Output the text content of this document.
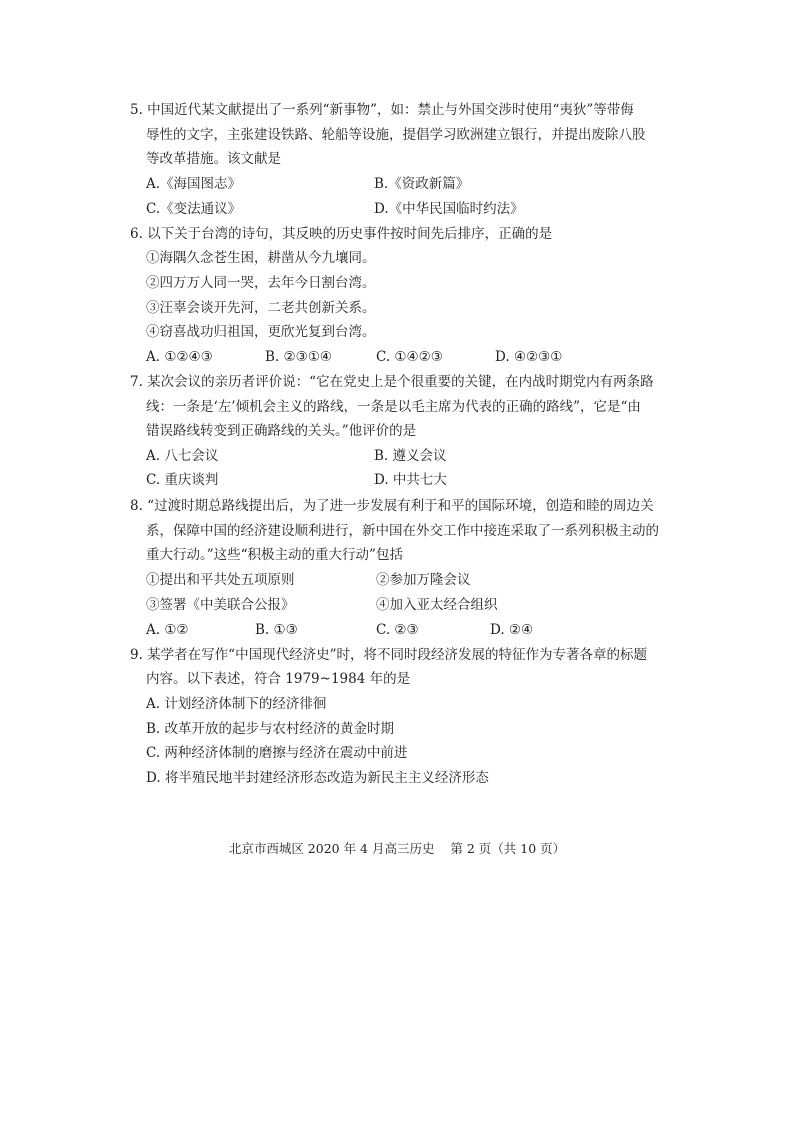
5. 中国近代某文献提出了一系列“新事物”，如：禁止与外国交涉时使用“夷狄”等带侮
辱性的文字，主张建设铁路、轮船等设施，提倡学习欧洲建立银行，并提出废除八股
等改革措施。该文献是
A.《海国图志》	B.《资政新篇》
C.《变法通议》	D.《中华民国临时约法》
6. 以下关于台湾的诗句，其反映的历史事件按时间先后排序，正确的是
①海隅久念苍生困，耕凿从今九壤同。
②四万万人同一哭，去年今日割台湾。
③汪辜会谈开先河，二老共创新关系。
④窃喜战功归祖国，更欣光复到台湾。
A. ①②④③	B. ②③①④	C. ①④②③	D. ④②③①
7. 某次会议的亲历者评价说：“它在党史上是个很重要的关键，在内战时期党内有两条路
线：一条是‘左’倾机会主义的路线，一条是以毛主席为代表的正确的路线”，它是“由
错误路线转变到正确路线的关头。”他评价的是
A. 八七会议	B. 遵义会议
C. 重庆谈判	D. 中共七大
8. “过渡时期总路线提出后，为了进一步发展有利于和平的国际环境，创造和睦的周边关
系，保障中国的经济建设顺利进行，新中国在外交工作中接连采取了一系列积极主动的
重大行动。”这些“积极主动的重大行动”包括
①提出和平共处五项原则	②参加万隆会议
③签署《中美联合公报》	④加入亚太经合组织
A. ①②	B. ①③	C. ②③	D. ②④
9. 某学者在写作“中国现代经济史”时，将不同时段经济发展的特征作为专著各章的标题
内容。以下表述，符合 1979~1984 年的是
A. 计划经济体制下的经济徘徊
B. 改革开放的起步与农村经济的黄金时期
C. 两种经济体制的磨擦与经济在震动中前进
D. 将半殖民地半封建经济形态改造为新民主主义经济形态
北京市西城区 2020 年 4 月高三历史 第 2 页（共 10 页）
